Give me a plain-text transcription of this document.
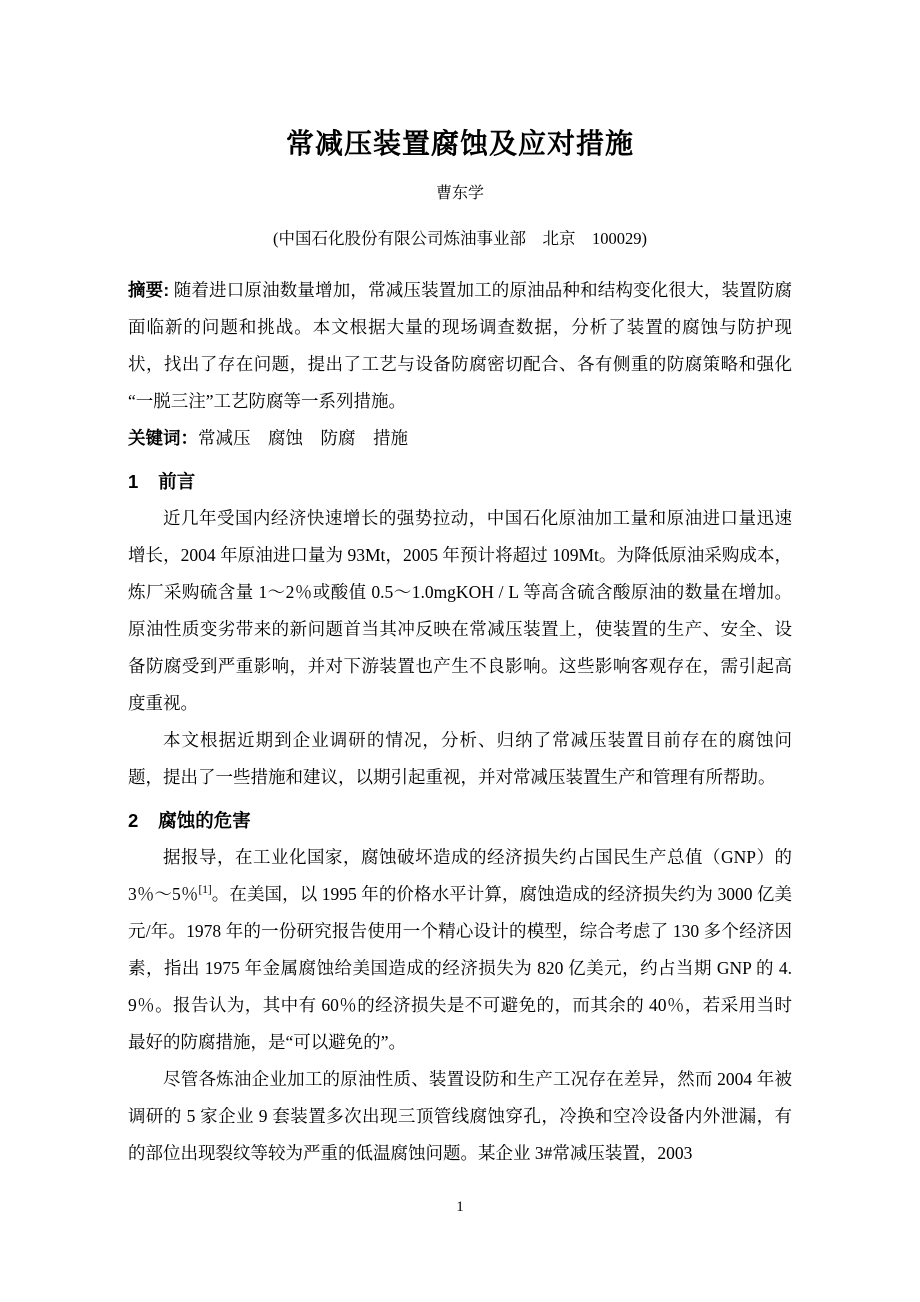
常减压装置腐蚀及应对措施
曹东学
(中国石化股份有限公司炼油事业部　北京　100029)

摘要: 随着进口原油数量增加，常减压装置加工的原油品种和结构变化很大，装置防腐面临新的问题和挑战。本文根据大量的现场调查数据，分析了装置的腐蚀与防护现状，找出了存在问题，提出了工艺与设备防腐密切配合、各有侧重的防腐策略和强化“一脱三注”工艺防腐等一系列措施。

关键词：常减压　腐蚀　防腐　措施

1 前言

近几年受国内经济快速增长的强势拉动，中国石化原油加工量和原油进口量迅速增长，2004 年原油进口量为 93Mt，2005 年预计将超过 109Mt。为降低原油采购成本，炼厂采购硫含量 1～2％或酸值 0.5～1.0mgKOH / L 等高含硫含酸原油的数量在增加。原油性质变劣带来的新问题首当其冲反映在常减压装置上，使装置的生产、安全、设备防腐受到严重影响，并对下游装置也产生不良影响。这些影响客观存在，需引起高度重视。

本文根据近期到企业调研的情况，分析、归纳了常减压装置目前存在的腐蚀问题，提出了一些措施和建议，以期引起重视，并对常减压装置生产和管理有所帮助。

2 腐蚀的危害

据报导，在工业化国家，腐蚀破坏造成的经济损失约占国民生产总值（GNP）的 3％～5％[1]。在美国，以 1995 年的价格水平计算，腐蚀造成的经济损失约为 3000 亿美元/年。1978 年的一份研究报告使用一个精心设计的模型，综合考虑了 130 多个经济因素，指出 1975 年金属腐蚀给美国造成的经济损失为 820 亿美元，约占当期 GNP 的 4.9％。报告认为，其中有 60％的经济损失是不可避免的，而其余的 40％，若采用当时最好的防腐措施，是“可以避免的”。

尽管各炼油企业加工的原油性质、装置设防和生产工况存在差异，然而 2004 年被调研的 5 家企业 9 套装置多次出现三顶管线腐蚀穿孔，冷换和空冷设备内外泄漏，有的部位出现裂纹等较为严重的低温腐蚀问题。某企业 3#常减压装置，2003

1
